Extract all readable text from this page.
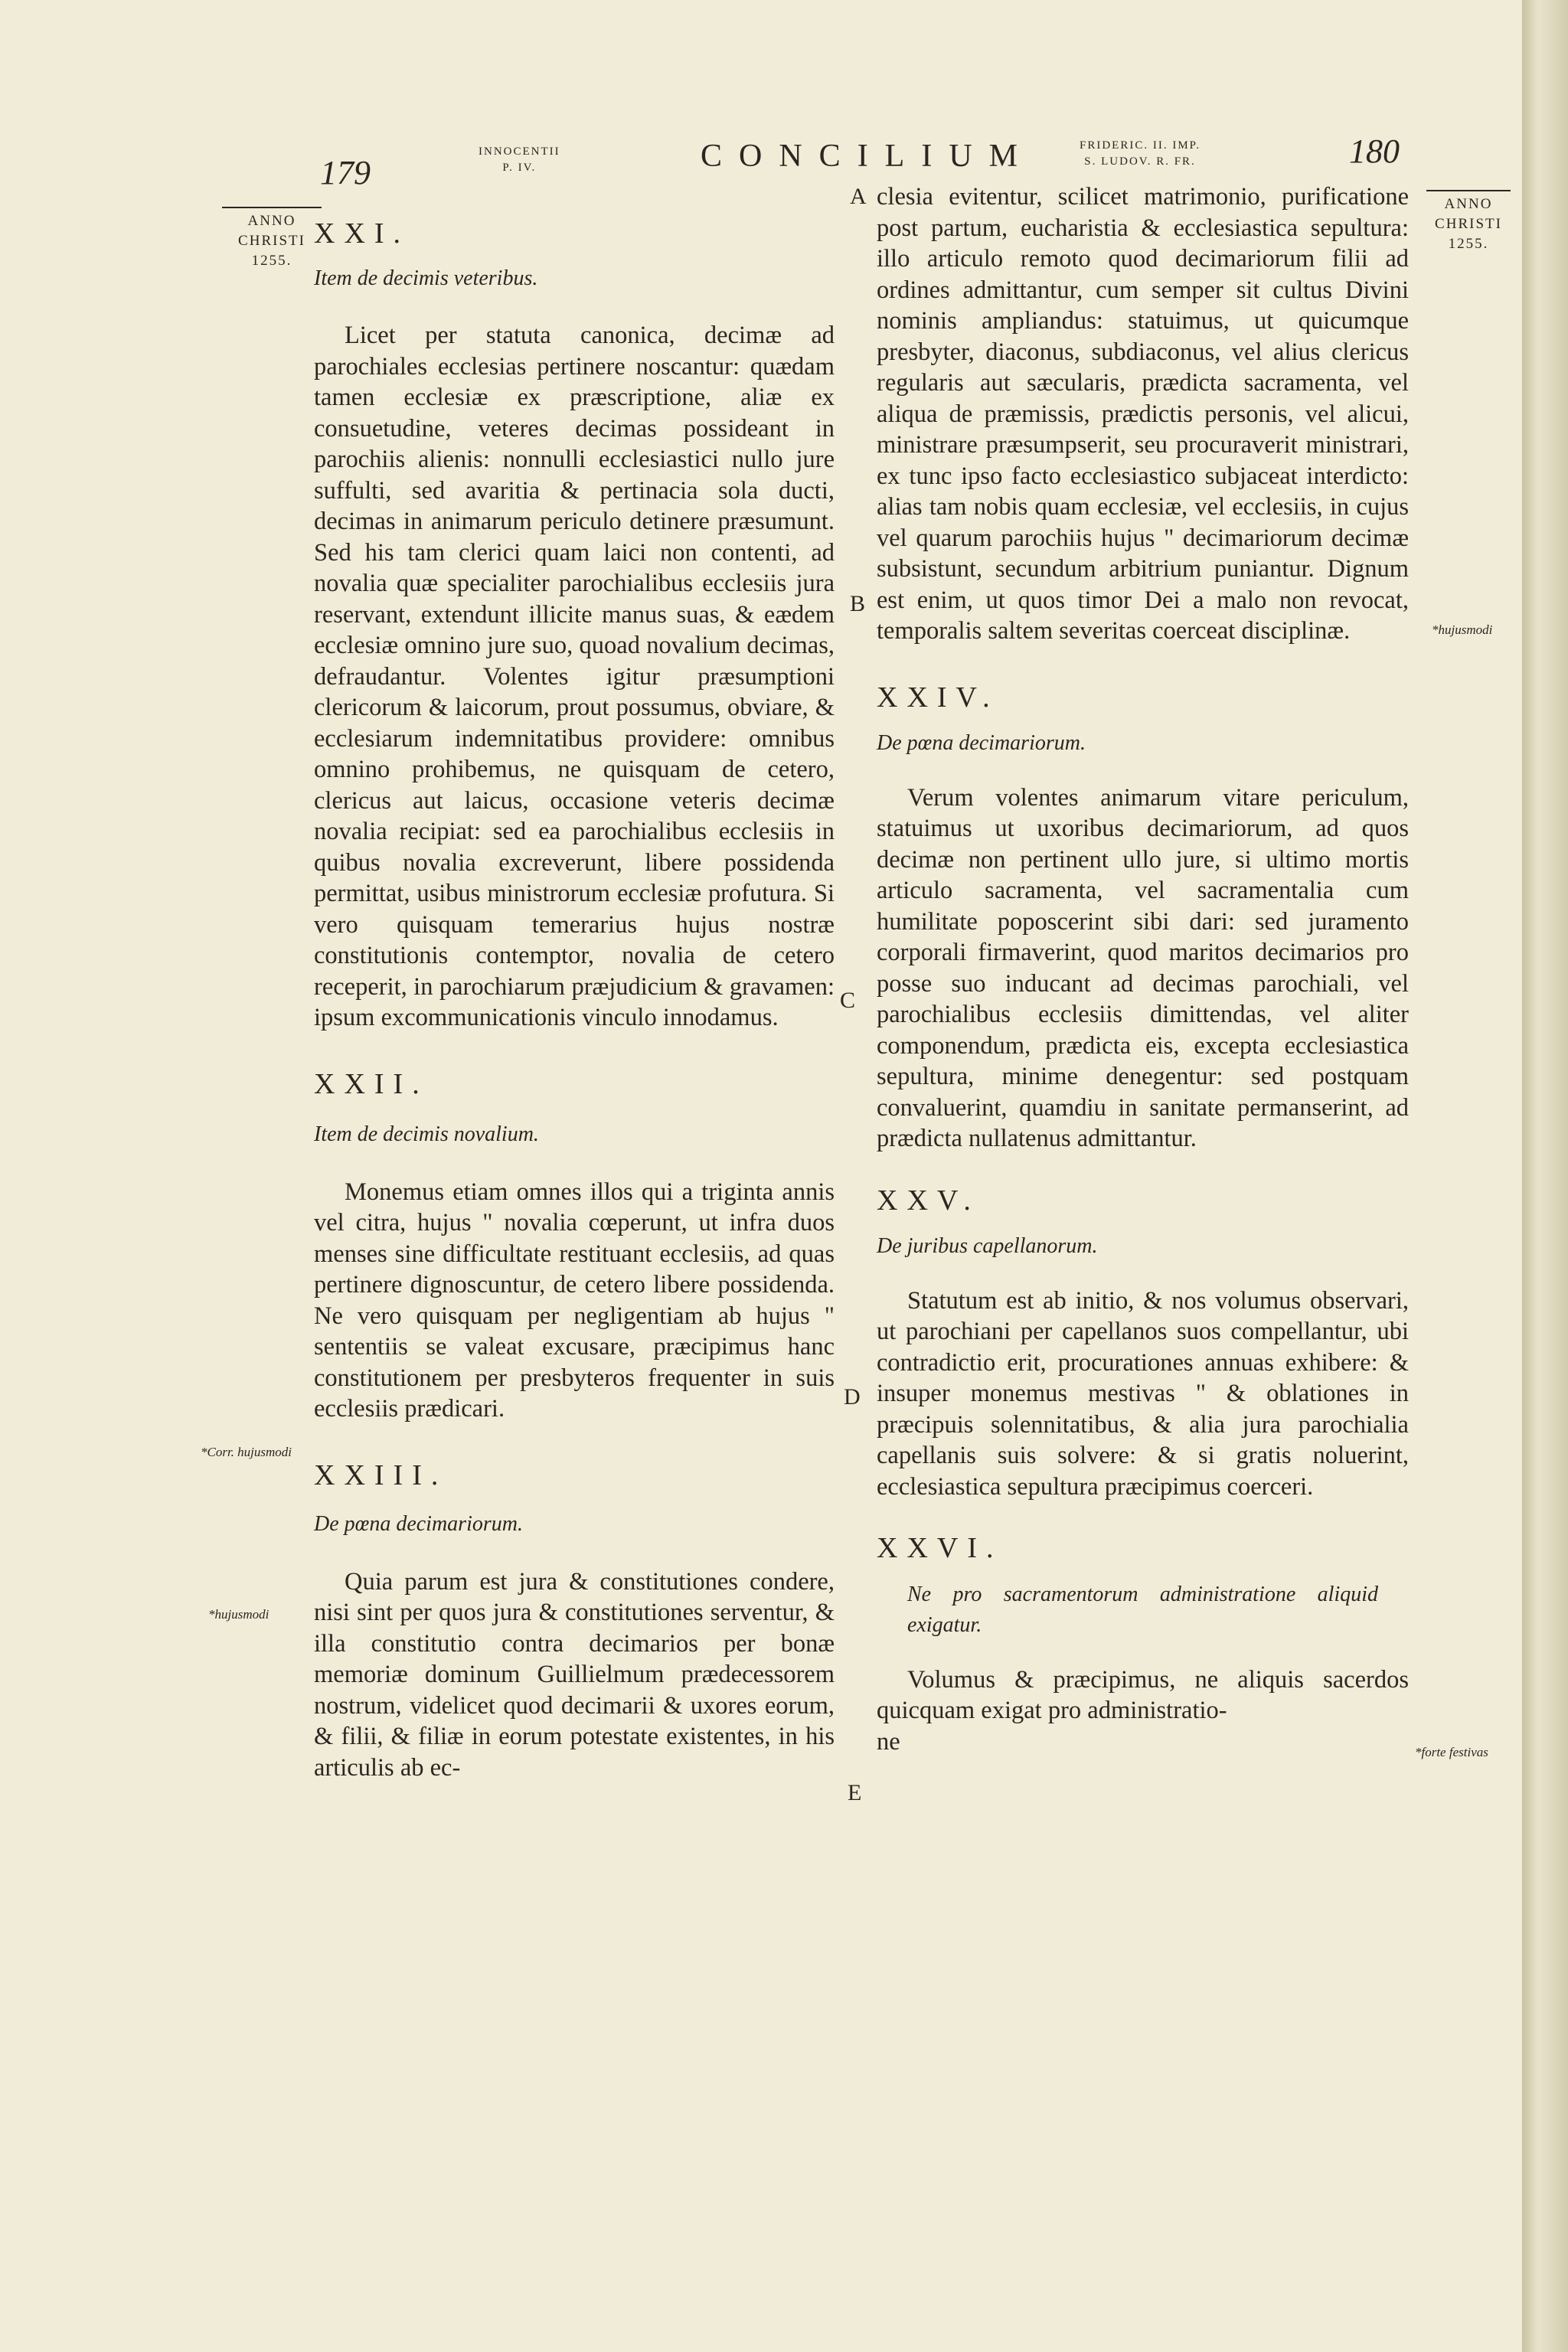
179
INNOCENTII
P. IV.	CONCILIUM	FRIDERIC. II. IMP.
S. LUDOV. R. FR.	180
ANNO
CHRISTI
1255.
ANNO
CHRISTI
1255.
A
B
C
D
E
*Corr. hujusmodi
*hujusmodi
*hujusmodi
*forte festivas

XXI.

Item de decimis veteribus.

Licet per statuta canonica, decimæ ad parochiales ecclesias pertinere noscantur: quædam tamen ecclesiæ ex præscriptione, aliæ ex consuetudine, veteres decimas possideant in parochiis alienis: nonnulli ecclesiastici nullo jure suffulti, sed avaritia & pertinacia sola ducti, decimas in animarum periculo detinere præsumunt. Sed his tam clerici quam laici non contenti, ad novalia quæ specialiter parochialibus ecclesiis jura reservant, extendunt illicite manus suas, & eædem ecclesiæ omnino jure suo, quoad novalium decimas, defraudantur. Volentes igitur præsumptioni clericorum & laicorum, prout possumus, obviare, & ecclesiarum indemnitatibus providere: omnibus omnino prohibemus, ne quisquam de cetero, clericus aut laicus, occasione veteris decimæ novalia recipiat: sed ea parochialibus ecclesiis in quibus novalia excreverunt, libere possidenda permittat, usibus ministrorum ecclesiæ profutura. Si vero quisquam temerarius hujus nostræ constitutionis contemptor, novalia de cetero receperit, in parochiarum præjudicium & gravamen: ipsum excommunicationis vinculo innodamus.

XXII.

Item de decimis novalium.

Monemus etiam omnes illos qui a triginta annis vel citra, hujus " novalia cœperunt, ut infra duos menses sine difficultate restituant ecclesiis, ad quas pertinere dignoscuntur, de cetero libere possidenda. Ne vero quisquam per negligentiam ab hujus " sententiis se valeat excusare, præcipimus hanc constitutionem per presbyteros frequenter in suis ecclesiis prædicari.

XXIII.

De pœna decimariorum.

Quia parum est jura & constitutiones condere, nisi sint per quos jura & constitutiones serventur, & illa constitutio contra decimarios per bonæ memoriæ dominum Guillielmum prædecessorem nostrum, videlicet quod decimarii & uxores eorum, & filii, & filiæ in eorum potestate existentes, in his articulis ab ec-

clesia evitentur, scilicet matrimonio, purificatione post partum, eucharistia & ecclesiastica sepultura: illo articulo remoto quod decimariorum filii ad ordines admittantur, cum semper sit cultus Divini nominis ampliandus: statuimus, ut quicumque presbyter, diaconus, subdiaconus, vel alius clericus regularis aut sæcularis, prædicta sacramenta, vel aliqua de præmissis, prædictis personis, vel alicui, ministrare præsumpserit, seu procuraverit ministrari, ex tunc ipso facto ecclesiastico subjaceat interdicto: alias tam nobis quam ecclesiæ, vel ecclesiis, in cujus vel quarum parochiis hujus " decimariorum decimæ subsistunt, secundum arbitrium puniantur. Dignum est enim, ut quos timor Dei a malo non revocat, temporalis saltem severitas coerceat disciplinæ.

XXIV.

De pœna decimariorum.

Verum volentes animarum vitare periculum, statuimus ut uxoribus decimariorum, ad quos decimæ non pertinent ullo jure, si ultimo mortis articulo sacramenta, vel sacramentalia cum humilitate poposcerint sibi dari: sed juramento corporali firmaverint, quod maritos decimarios pro posse suo inducant ad decimas parochiali, vel parochialibus ecclesiis dimittendas, vel aliter componendum, prædicta eis, excepta ecclesiastica sepultura, minime denegentur: sed postquam convaluerint, quamdiu in sanitate permanserint, ad prædicta nullatenus admittantur.

XXV.

De juribus capellanorum.

Statutum est ab initio, & nos volumus observari, ut parochiani per capellanos suos compellantur, ubi contradictio erit, procurationes annuas exhibere: & insuper monemus mestivas " & oblationes in præcipuis solennitatibus, & alia jura parochialia capellanis suis solvere: & si gratis noluerint, ecclesiastica sepultura præcipimus coerceri.

XXVI.

Ne pro sacramentorum administratione aliquid exigatur.

Volumus & præcipimus, ne aliquis sacerdos quicquam exigat pro administratio-

ne
